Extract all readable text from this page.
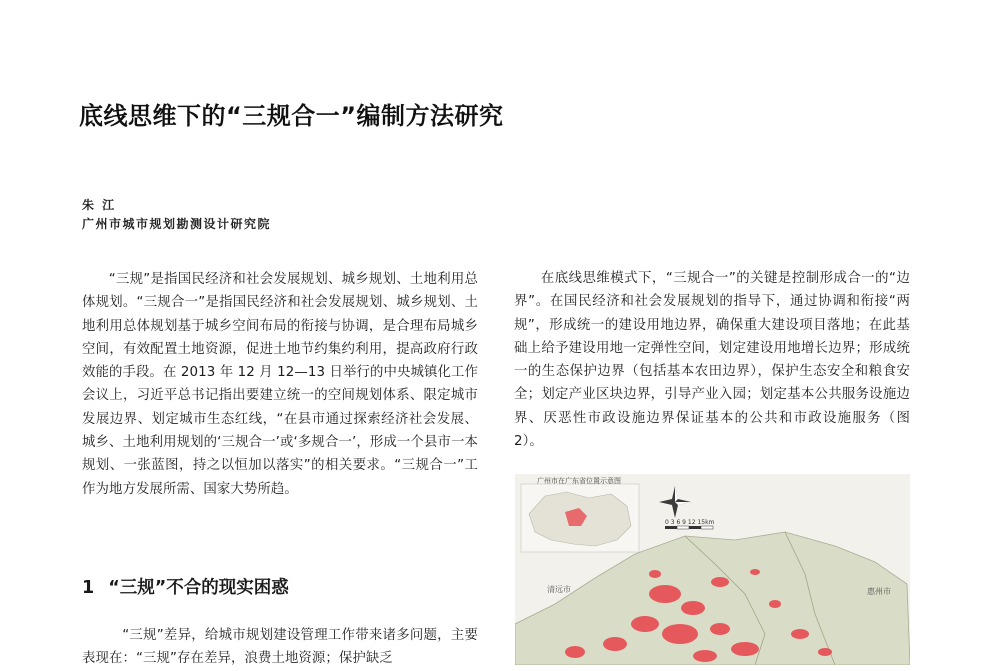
底线思维下的“三规合一”编制方法研究
朱 江
广州市城市规划勘测设计研究院
“三规”是指国民经济和社会发展规划、城乡规划、土地利用总体规划。“三规合一”是指国民经济和社会发展规划、城乡规划、土地利用总体规划基于城乡空间布局的衔接与协调，是合理布局城乡空间，有效配置土地资源，促进土地节约集约利用，提高政府行政效能的手段。在 2013 年 12 月 12—13 日举行的中央城镇化工作会议上，习近平总书记指出要建立统一的空间规划体系、限定城市发展边界、划定城市生态红线，“在县市通过探索经济社会发展、城乡、土地利用规划的‘三规合一’或‘多规合一’，形成一个县市一本规划、一张蓝图，持之以恒加以落实”的相关要求。“三规合一”工作为地方发展所需、国家大势所趋。
1 “三规”不合的现实困惑
“三规”差异，给城市规划建设管理工作带来诸多问题，主要表现在：“三规”存在差异，浪费土地资源；保护缺乏
在底线思维模式下，“三规合一”的关键是控制形成合一的“边界”。在国民经济和社会发展规划的指导下，通过协调和衔接“两规”，形成统一的建设用地边界，确保重大建设项目落地；在此基础上给予建设用地一定弹性空间，划定建设用地增长边界；形成统一的生态保护边界（包括基本农田边界），保护生态安全和粮食安全；划定产业区块边界，引导产业入园；划定基本公共服务设施边界、厌恶性市政设施边界保证基本的公共和市政设施服务（图 2）。
广州市在广东省位置示意图
0 3 6 9 12 15km
清远市	惠州市
